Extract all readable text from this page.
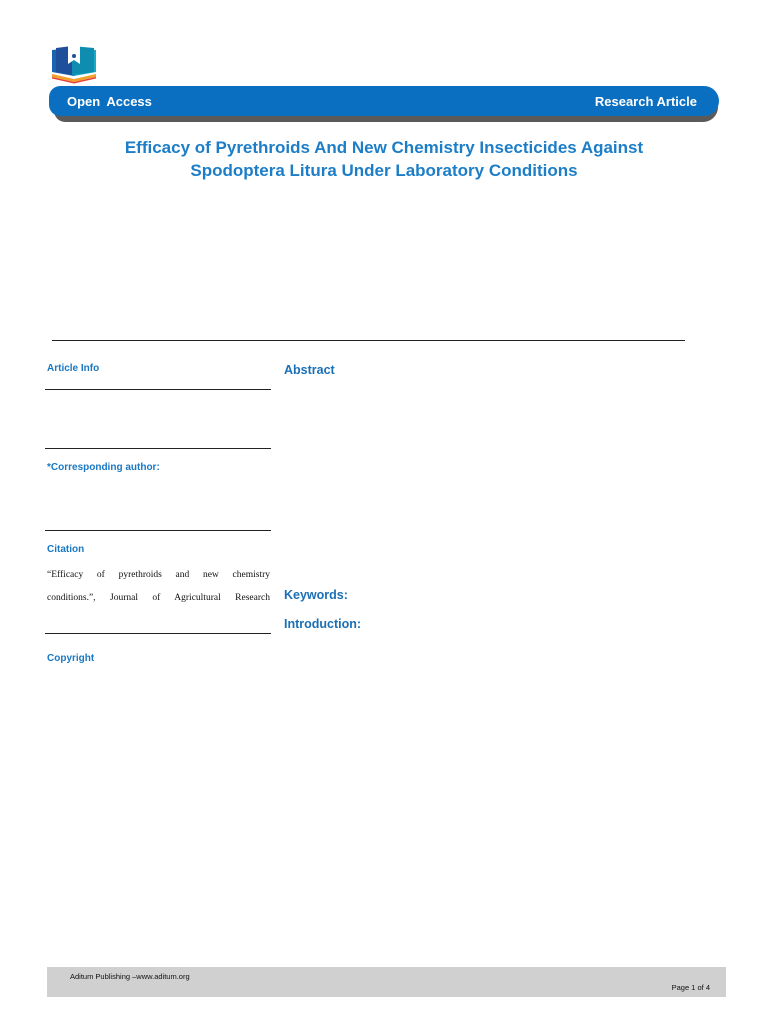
Open Access	Research Article
Efficacy of Pyrethroids And New Chemistry Insecticides Against
Spodoptera Litura Under Laboratory Conditions
Article Info
*Corresponding author:
Citation
“Efficacy of pyrethroids and new chemistry
conditions.”, Journal of Agricultural Research
Copyright
Abstract
Keywords:
Introduction:
Aditum Publishing –www.aditum.org
Page 1 of 4
